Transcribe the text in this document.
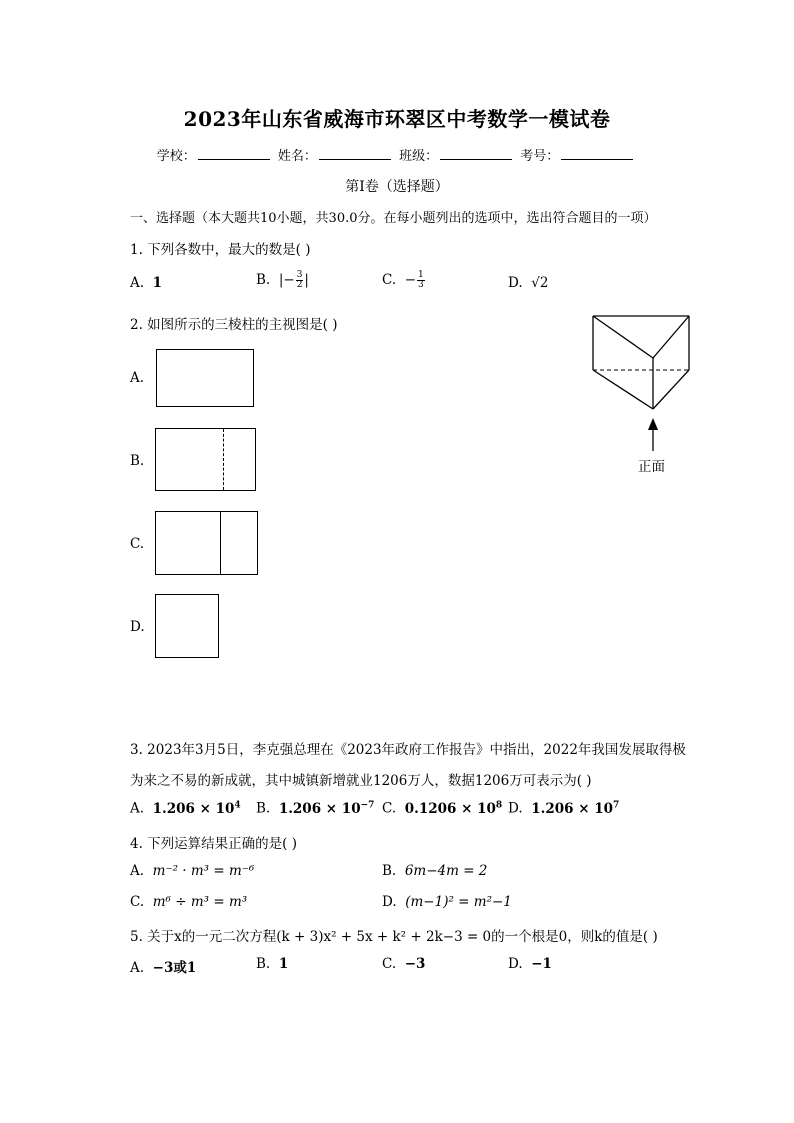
2023年山东省威海市环翠区中考数学一模试卷
学校：	姓名：	班级：	考号：
第Ⅰ卷（选择题）
一、选择题（本大题共10小题，共30.0分。在每小题列出的选项中，选出符合题目的一项）
1. 下列各数中，最大的数是( )
A. 1	B. |− $\frac{3}{2}$ |	C. − $\frac{1}{3}$	D. √2
2. 如图所示的三棱柱的主视图是( )
A.
B.
C.
D.
正面
3. 2023年3月5日，李克强总理在《2023年政府工作报告》中指出，2022年我国发展取得极
为来之不易的新成就，其中城镇新增就业1206万人，数据1206万可表示为( )
A. $1.206 \times 10^4$ B. $1.206 \times 10^{-7}$ C. $0.1206 \times 10^8$ D. $1.206 \times 10^7$
4. 下列运算结果正确的是( )
A. m⁻² · m³ = m⁻⁶	B. 6m−4m = 2
C. m⁶ ÷ m³ = m³	D. (m−1)² = m²−1
5. 关于x的一元二次方程(k + 3)x² + 5x + k² + 2k−3 = 0的一个根是0，则k的值是( )
A. −3或1	B. 1	C. −3	D. −1
